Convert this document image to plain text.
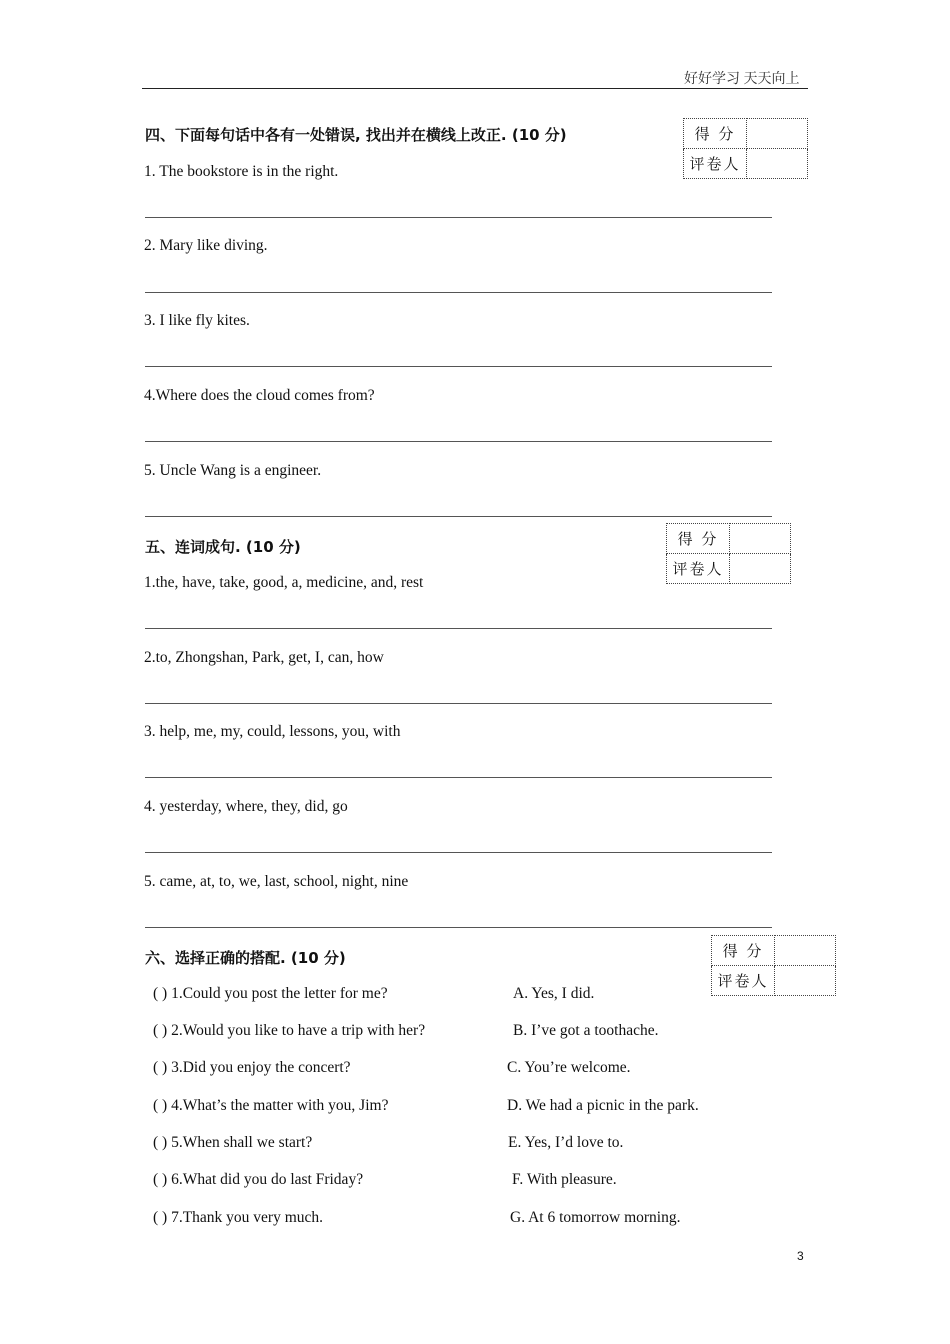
好好学习 天天向上
四、下面每句话中各有一处错误, 找出并在横线上改正. (10 分)	得 分	
评卷人	
1. The bookstore is in the right.
2. Mary like diving.
3. I like fly kites.
4.Where does the cloud comes from?
5. Uncle Wang is a engineer.
五、连词成句. (10 分)	得 分	
评卷人	
1.the, have, take, good, a, medicine, and, rest
2.to, Zhongshan, Park, get, I, can, how
3. help, me, my, could, lessons, you, with
4. yesterday, where, they, did, go
5. came, at, to, we, last, school, night, nine
六、选择正确的搭配. (10 分)	得 分	
评卷人	
( ) 1.Could you post the letter for me?	A. Yes, I did.
( ) 2.Would you like to have a trip with her?	B. I’ve got a toothache.
( ) 3.Did you enjoy the concert?	C. You’re welcome.
( ) 4.What’s the matter with you, Jim?	D. We had a picnic in the park.
( ) 5.When shall we start?	E. Yes, I’d love to.
( ) 6.What did you do last Friday?	F. With pleasure.
( ) 7.Thank you very much.	G. At 6 tomorrow morning.
3
